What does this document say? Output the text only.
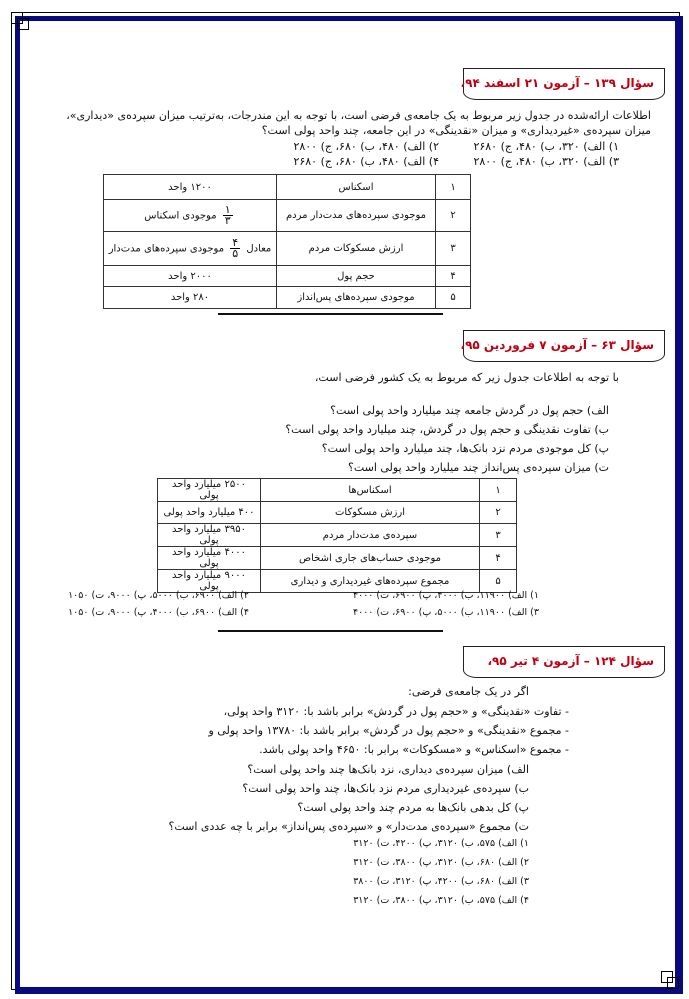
سؤال ۱۳۹ – آزمون ۲۱ اسفند ۹۴،
اطلاعات ارائه‌شده در جدول زیر مربوط به یک جامعه‌ی فرضی است، با توجه به این مندرجات، به‌ترتیب میزان سپرده‌ی «دیداری»،
میزان سپرده‌ی «غیردیداری» و میزان «نقدینگی» در این جامعه، چند واحد پولی است؟
۱) الف) ۳۲۰، ب) ۴۸۰، ج) ۲۶۸۰
۲) الف) ۴۸۰، ب) ۶۸۰، ج) ۲۸۰۰
۳) الف) ۳۲۰، ب) ۴۸۰، ج) ۲۸۰۰
۴) الف) ۴۸۰، ب) ۶۸۰، ج) ۲۶۸۰
۱	اسکناس	۱۲۰۰ واحد
۲	موجودی سپرده‌های مدت‌دار مردم	$\frac{۱}{۳}$
موجودی اسکناس
۳	ارزش مسکوکات مردم	معادل
$\frac{۴}{۵}$
موجودی سپرده‌های مدت‌دار
۴	حجم پول	۲۰۰۰ واحد
۵	موجودی سپرده‌های پس‌انداز	۲۸۰ واحد
سؤال ۶۳ – آزمون ۷ فروردین ۹۵،
با توجه به اطلاعات جدول زیر که مربوط به یک کشور فرضی است،
الف) حجم پول در گردش جامعه چند میلیارد واحد پولی است؟
ب) تفاوت نقدینگی و حجم پول در گردش، چند میلیارد واحد پولی است؟
پ) کل موجودی مردم نزد بانک‌ها، چند میلیارد واحد پولی است؟
ت) میزان سپرده‌ی پس‌انداز چند میلیارد واحد پولی است؟
۱	اسکناس‌ها	۲۵۰۰ میلیارد واحد پولی
۲	ارزش مسکوکات	۴۰۰ میلیارد واحد پولی
۳	سپرده‌ی مدت‌دار مردم	۳۹۵۰ میلیارد واحد پولی
۴	موجودی حساب‌های جاری اشخاص	۴۰۰۰ میلیارد واحد پولی
۵	مجموع سپرده‌های غیردیداری و دیداری	۹۰۰۰ میلیارد واحد پولی
۱) الف) ۱۱۹۰۰، ب) ۴۰۰۰، پ) ۶۹۰۰، ت) ۴۰۰۰
۲) الف) ۶۹۰۰، ب) ۵۰۰۰، پ) ۹۰۰۰، ت) ۱۰۵۰
۳) الف) ۱۱۹۰۰، ب) ۵۰۰۰، پ) ۶۹۰۰، ت) ۴۰۰۰
۴) الف) ۶۹۰۰، ب) ۴۰۰۰، پ) ۹۰۰۰، ت) ۱۰۵۰
سؤال ۱۲۴ – آزمون ۴ تیر ۹۵،
اگر در یک جامعه‌ی فرضی:
- تفاوت «نقدینگی» و «حجم پول در گردش» برابر باشد با: ۳۱۲۰ واحد پولی،
- مجموع «نقدینگی» و «حجم پول در گردش» برابر باشد با: ۱۳۷۸۰ واحد پولی و
- مجموع «اسکناس» و «مسکوکات» برابر با: ۴۶۵۰ واحد پولی باشد.
الف) میزان سپرده‌ی دیداری، نزد بانک‌ها چند واحد پولی است؟
ب) سپرده‌ی غیردیداری مردم نزد بانک‌ها، چند واحد پولی است؟
پ) کل بدهی بانک‌ها به مردم چند واحد پولی است؟
ت) مجموع «سپرده‌ی مدت‌دار» و «سپرده‌ی پس‌انداز» برابر با چه عددی است؟
۱) الف) ۵۷۵، ب) ۳۱۲۰، پ) ۴۲۰۰، ت) ۳۱۲۰
۲) الف) ۶۸۰، ب) ۳۱۲۰، پ) ۳۸۰۰، ت) ۳۱۲۰
۳) الف) ۶۸۰، ب) ۴۲۰۰، پ) ۳۱۲۰، ت) ۳۸۰۰
۴) الف) ۵۷۵، ب) ۳۱۲۰، پ) ۳۸۰۰، ت) ۳۱۲۰
